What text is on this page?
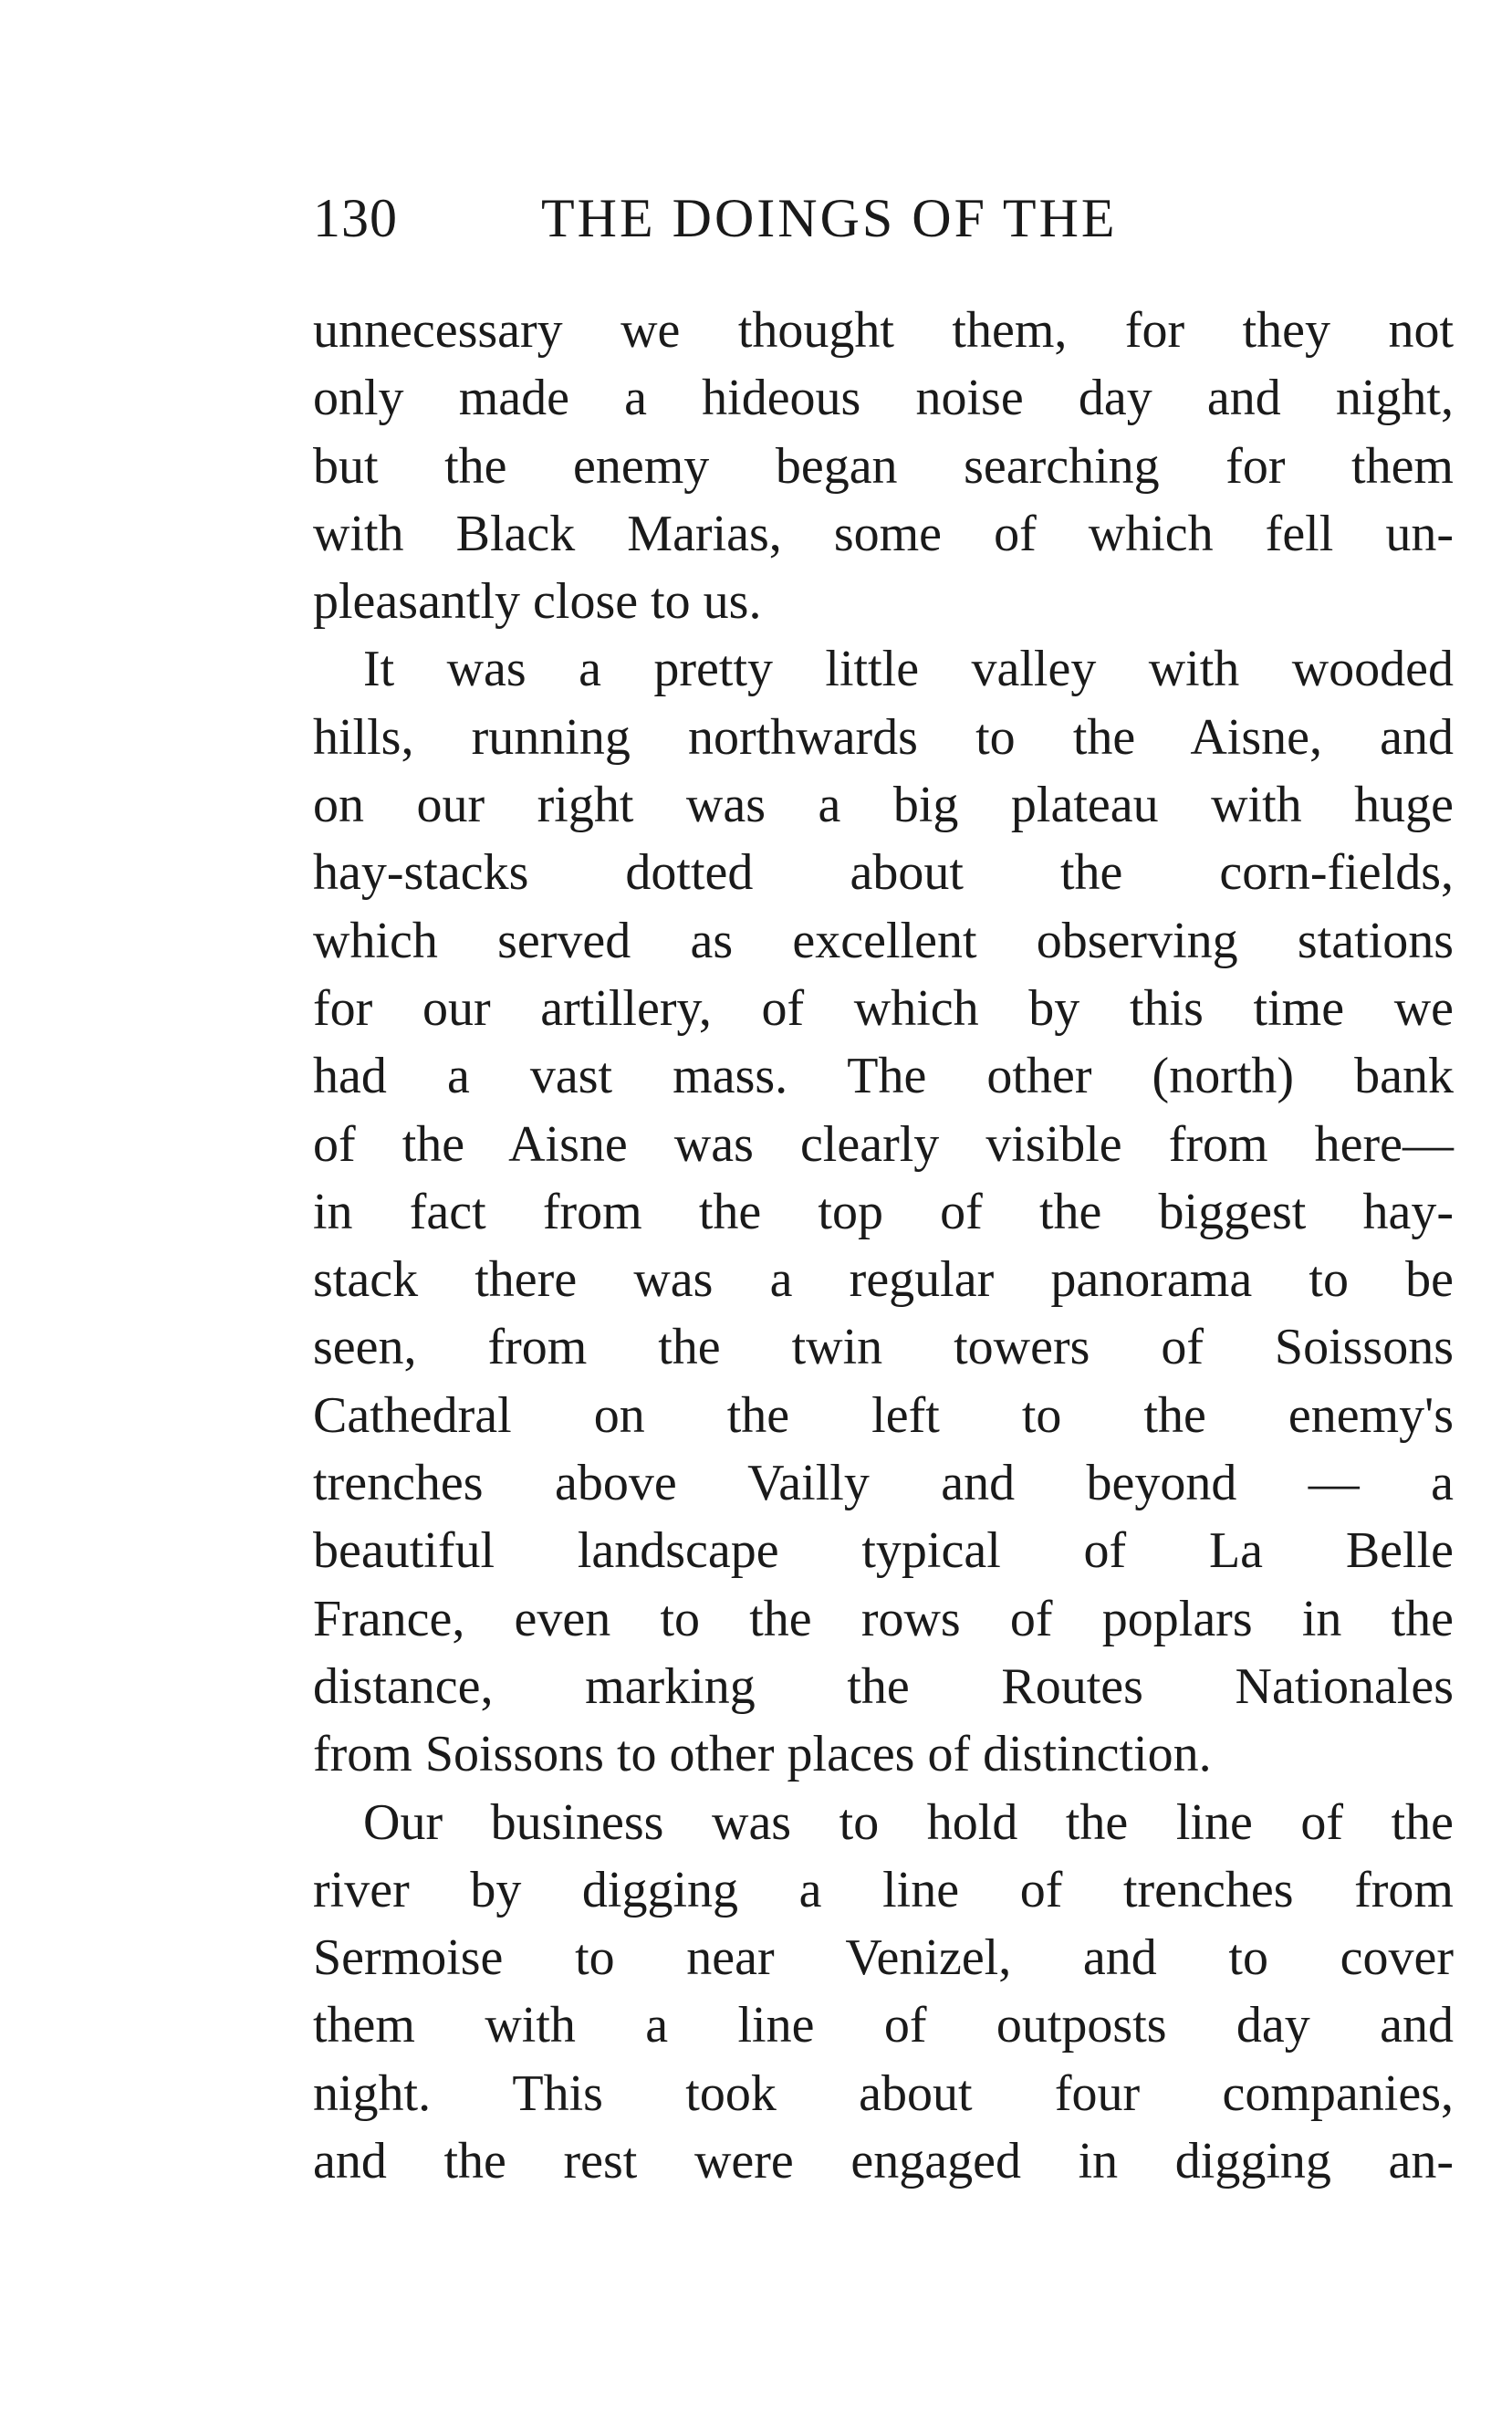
130	THE DOINGS OF THE
unnecessary we thought them, for they not
only made a hideous noise day and night,
but the enemy began searching for them
with Black Marias, some of which fell un-
pleasantly close to us.
It was a pretty little valley with wooded
hills, running northwards to the Aisne, and
on our right was a big plateau with huge
hay-stacks dotted about the corn-fields,
which served as excellent observing stations
for our artillery, of which by this time we
had a vast mass. The other (north) bank
of the Aisne was clearly visible from here—
in fact from the top of the biggest hay-
stack there was a regular panorama to be
seen, from the twin towers of Soissons
Cathedral on the left to the enemy's
trenches above Vailly and beyond — a
beautiful landscape typical of La Belle
France, even to the rows of poplars in the
distance, marking the Routes Nationales
from Soissons to other places of distinction.
Our business was to hold the line of the
river by digging a line of trenches from
Sermoise to near Venizel, and to cover
them with a line of outposts day and
night. This took about four companies,
and the rest were engaged in digging an-
